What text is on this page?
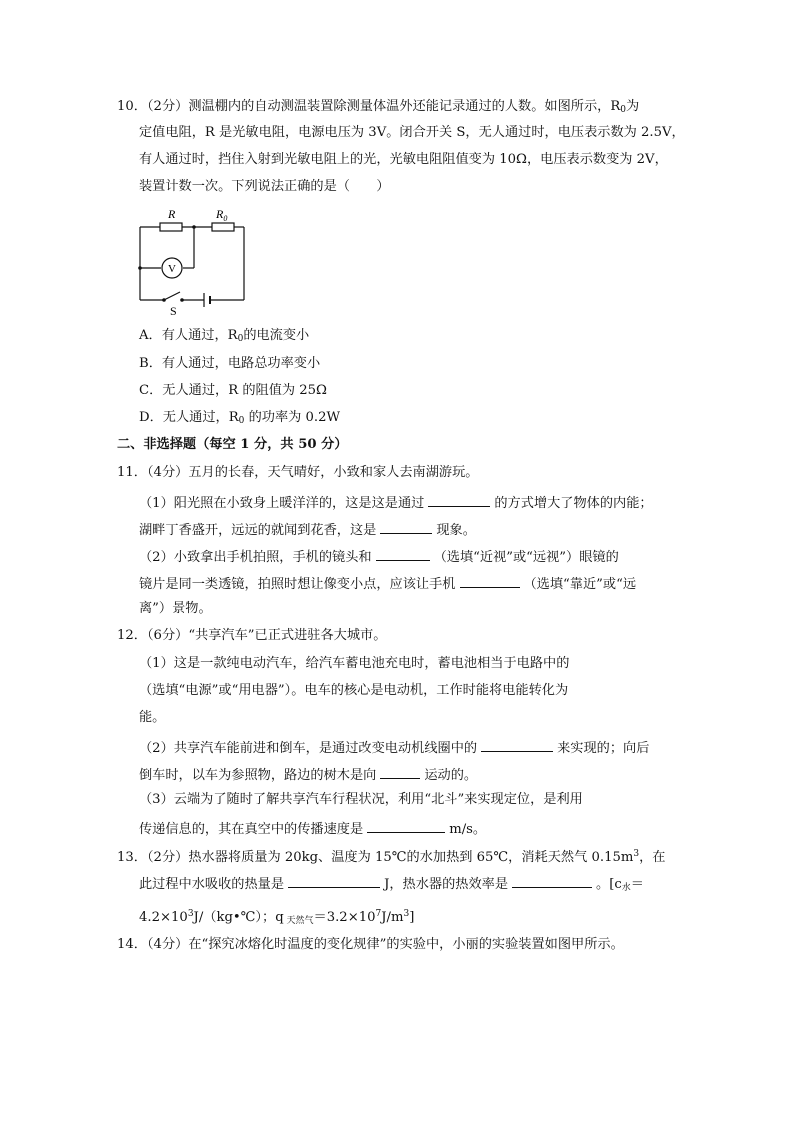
10．（2分）测温棚内的自动测温装置除测量体温外还能记录通过的人数。如图所示，$R_0$为
定值电阻，R 是光敏电阻，电源电压为 3V。闭合开关 S，无人通过时，电压表示数为 2.5V，
有人通过时，挡住入射到光敏电阻上的光，光敏电阻阻值变为 10Ω，电压表示数变为 2V，
装置计数一次。下列说法正确的是（　　）
R	$R_0$
V
S
A．有人通过，$R_0$的电流变小
B．有人通过，电路总功率变小
C．无人通过，R 的阻值为 25Ω
D．无人通过，$R_0$ 的功率为 0.2W
二、非选择题（每空 1 分，共 50 分）
11．（4分）五月的长春，天气晴好，小致和家人去南湖游玩。
（1）阳光照在小致身上暖洋洋的，这是这是通过	的方式增大了物体的内能；
湖畔丁香盛开，远远的就闻到花香，这是	现象。
（2）小致拿出手机拍照，手机的镜头和	（选填“近视”或“远视”）眼镜的
镜片是同一类透镜，拍照时想让像变小点，应该让手机	（选填“靠近”或“远
离”）景物。
12．（6分）“共享汽车”已正式进驻各大城市。
（1）这是一款纯电动汽车，给汽车蓄电池充电时，蓄电池相当于电路中的
（选填“电源”或“用电器”）。电车的核心是电动机，工作时能将电能转化为
能。
（2）共享汽车能前进和倒车，是通过改变电动机线圈中的	来实现的；向后
倒车时，以车为参照物，路边的树木是向	运动的。
（3）云端为了随时了解共享汽车行程状况，利用“北斗”来实现定位，是利用
传递信息的，其在真空中的传播速度是	m/s。
13．（2分）热水器将质量为 20kg、温度为 15℃的水加热到 65℃，消耗天然气 $0.15m^3$，在
此过程中水吸收的热量是	J，热水器的热效率是	。[$c_水=$
$4.2\times 10^3J/(kg•℃)$；q $_{天然气}=3.2\times 10^7J/m^3$]
14．（4分）在“探究冰熔化时温度的变化规律”的实验中，小丽的实验装置如图甲所示。
